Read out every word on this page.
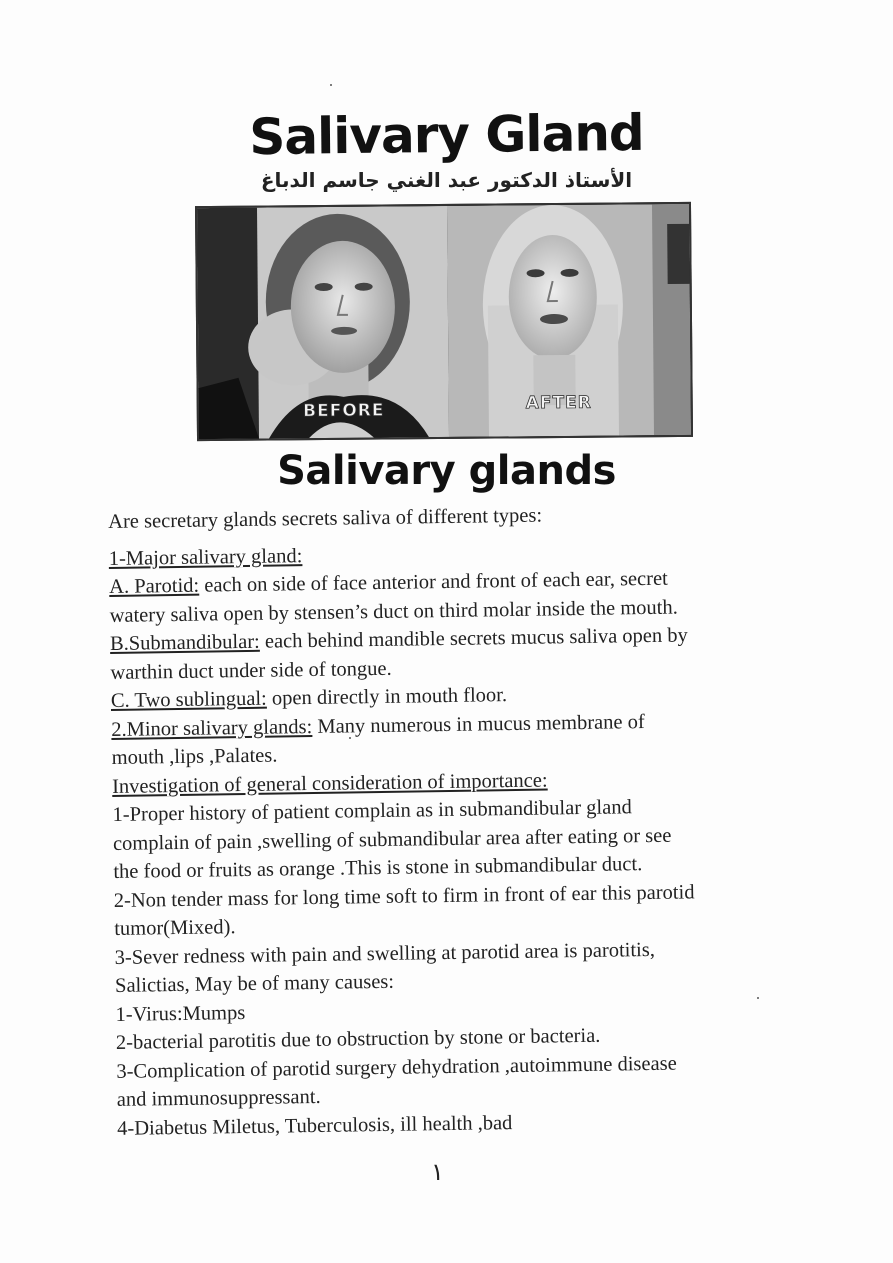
Salivary Gland
الأستاذ الدكتور عبد الغني جاسم الدباغ
BEFORE	AFTER
Salivary glands
Are secretary glands secrets saliva of different types:
1-Major salivary gland:
A. Parotid: each on side of face anterior and front of each ear, secret
watery saliva open by stensen’s duct on third molar inside the mouth.
B.Submandibular: each behind mandible secrets mucus saliva open by
warthin duct under side of tongue.
C. Two sublingual: open directly in mouth floor.
2.Minor salivary glands: Many numerous in mucus membrane of
mouth ,lips ,Palates.
Investigation of general consideration of importance:
1-Proper history of patient complain as in submandibular gland
complain of pain ,swelling of submandibular area after eating or see
the food or fruits as orange .This is stone in submandibular duct.
2-Non tender mass for long time soft to firm in front of ear this parotid
tumor(Mixed).
3-Sever redness with pain and swelling at parotid area is parotitis,
Salictias, May be of many causes:
1-Virus:Mumps
2-bacterial parotitis due to obstruction by stone or bacteria.
3-Complication of parotid surgery dehydration ,autoimmune disease
and immunosuppressant.
4-Diabetus Miletus, Tuberculosis, ill health ,bad
١
